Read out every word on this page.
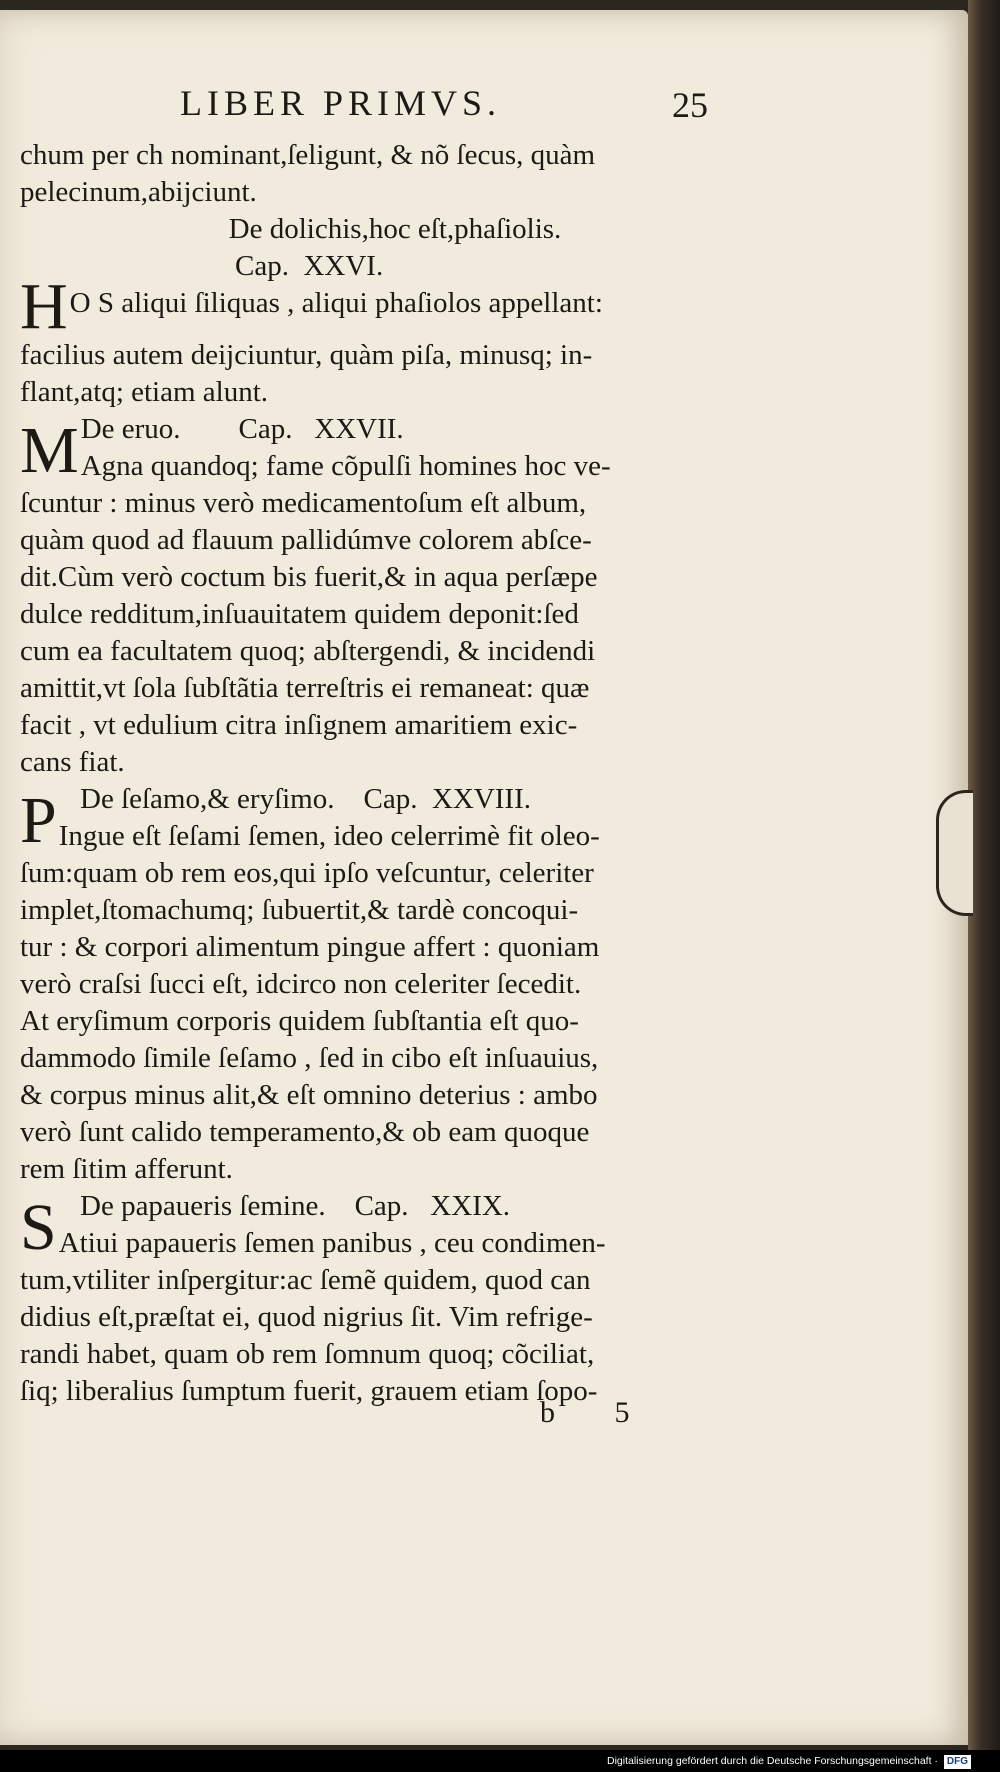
LIBER PRIMVS.	25
chum per ch nominant,ſeligunt, & nõ ſecus, quàm
pelecinum,abijciunt.
De dolichis,hoc eſt,phaſiolis.
Cap.  XXVI.
H O S aliqui ſiliquas , aliqui phaſiolos appellant:
facilius autem deijciuntur, quàm piſa, minusq; in-
flant,atq; etiam alunt.
M De eruo.        Cap.   XXVII.
Agna quandoq; fame cõpulſi homines hoc ve-
ſcuntur : minus verò medicamentoſum eſt album,
quàm quod ad flauum pallidúmve colorem abſce-
dit.Cùm verò coctum bis fuerit,& in aqua perſæpe
dulce redditum,inſuauitatem quidem deponit:ſed
cum ea facultatem quoq; abſtergendi, & incidendi
amittit,vt ſola ſubſtãtia terreſtris ei remaneat: quæ
facit , vt edulium citra inſignem amaritiem exic-
cans fiat.
P De ſeſamo,& eryſimo.    Cap.  XXVIII.
Ingue eſt ſeſami ſemen, ideo celerrimè fit oleo-
ſum:quam ob rem eos,qui ipſo veſcuntur, celeriter
implet,ſtomachumq; ſubuertit,& tardè concoqui-
tur : & corpori alimentum pingue affert : quoniam
verò craſsi ſucci eſt, idcirco non celeriter ſecedit.
At eryſimum corporis quidem ſubſtantia eſt quo-
dammodo ſimile ſeſamo , ſed in cibo eſt inſuauius,
& corpus minus alit,& eſt omnino deterius : ambo
verò ſunt calido temperamento,& ob eam quoque
rem ſitim afferunt.
S De papaueris ſemine.    Cap.   XXIX.
Atiui papaueris ſemen panibus , ceu condimen-
tum,vtiliter inſpergitur:ac ſemẽ quidem, quod can
didius eſt,præſtat ei, quod nigrius ſit. Vim refrige-
randi habet, quam ob rem ſomnum quoq; cõciliat,
ſiq; liberalius ſumptum fuerit, grauem etiam ſopo-
b 5
Digitalisierung gefördert durch die Deutsche Forschungsgemeinschaft · DFG
